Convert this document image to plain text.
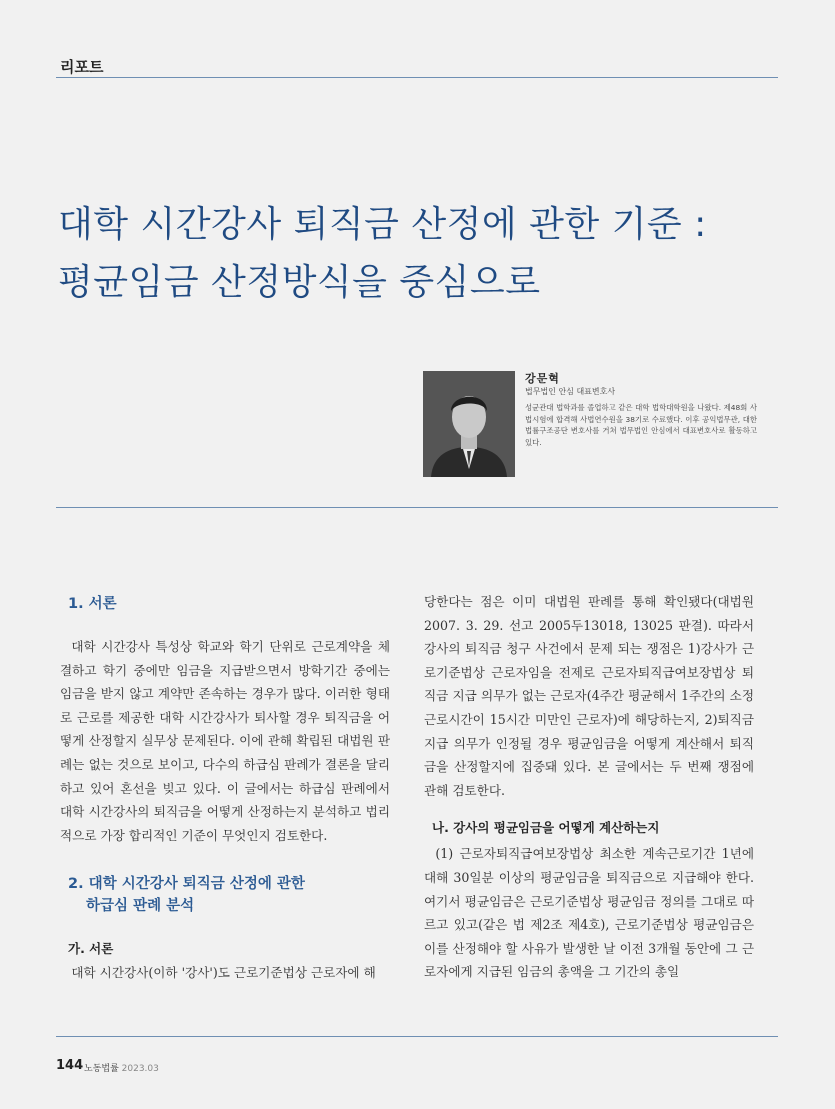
리포트
대학 시간강사 퇴직금 산정에 관한 기준 :
평균임금 산정방식을 중심으로
강문혁
법무법인 안심 대표변호사
성균관대 법학과를 졸업하고 같은 대학 법학대학원을 나왔다. 제48회 사법시험에 합격해 사법연수원을 38기로 수료했다. 이후 공익법무관, 대한법률구조공단 변호사를 거쳐 법무법인 안심에서 대표변호사로 활동하고 있다.
1. 서론

대학 시간강사 특성상 학교와 학기 단위로 근로계약을 체결하고 학기 중에만 임금을 지급받으면서 방학기간 중에는 임금을 받지 않고 계약만 존속하는 경우가 많다. 이러한 형태로 근로를 제공한 대학 시간강사가 퇴사할 경우 퇴직금을 어떻게 산정할지 실무상 문제된다. 이에 관해 확립된 대법원 판례는 없는 것으로 보이고, 다수의 하급심 판례가 결론을 달리하고 있어 혼선을 빚고 있다. 이 글에서는 하급심 판례에서 대학 시간강사의 퇴직금을 어떻게 산정하는지 분석하고 법리적으로 가장 합리적인 기준이 무엇인지 검토한다.

2. 대학 시간강사 퇴직금 산정에 관한
하급심 판례 분석
가. 서론

대학 시간강사(이하 '강사')도 근로기준법상 근로자에 해

당한다는 점은 이미 대법원 판례를 통해 확인됐다(대법원 2007. 3. 29. 선고 2005두13018, 13025 판결). 따라서 강사의 퇴직금 청구 사건에서 문제 되는 쟁점은 1)강사가 근로기준법상 근로자임을 전제로 근로자퇴직급여보장법상 퇴직금 지급 의무가 없는 근로자(4주간 평균해서 1주간의 소정근로시간이 15시간 미만인 근로자)에 해당하는지, 2)퇴직금 지급 의무가 인정될 경우 평균임금을 어떻게 계산해서 퇴직금을 산정할지에 집중돼 있다. 본 글에서는 두 번째 쟁점에 관해 검토한다.

나. 강사의 평균임금을 어떻게 계산하는지

(1) 근로자퇴직급여보장법상 최소한 계속근로기간 1년에 대해 30일분 이상의 평균임금을 퇴직금으로 지급해야 한다. 여기서 평균임금은 근로기준법상 평균임금 정의를 그대로 따르고 있고(같은 법 제2조 제4호), 근로기준법상 평균임금은 이를 산정해야 할 사유가 발생한 날 이전 3개월 동안에 그 근로자에게 지급된 임금의 총액을 그 기간의 총일

144 노동법률 2023.03
